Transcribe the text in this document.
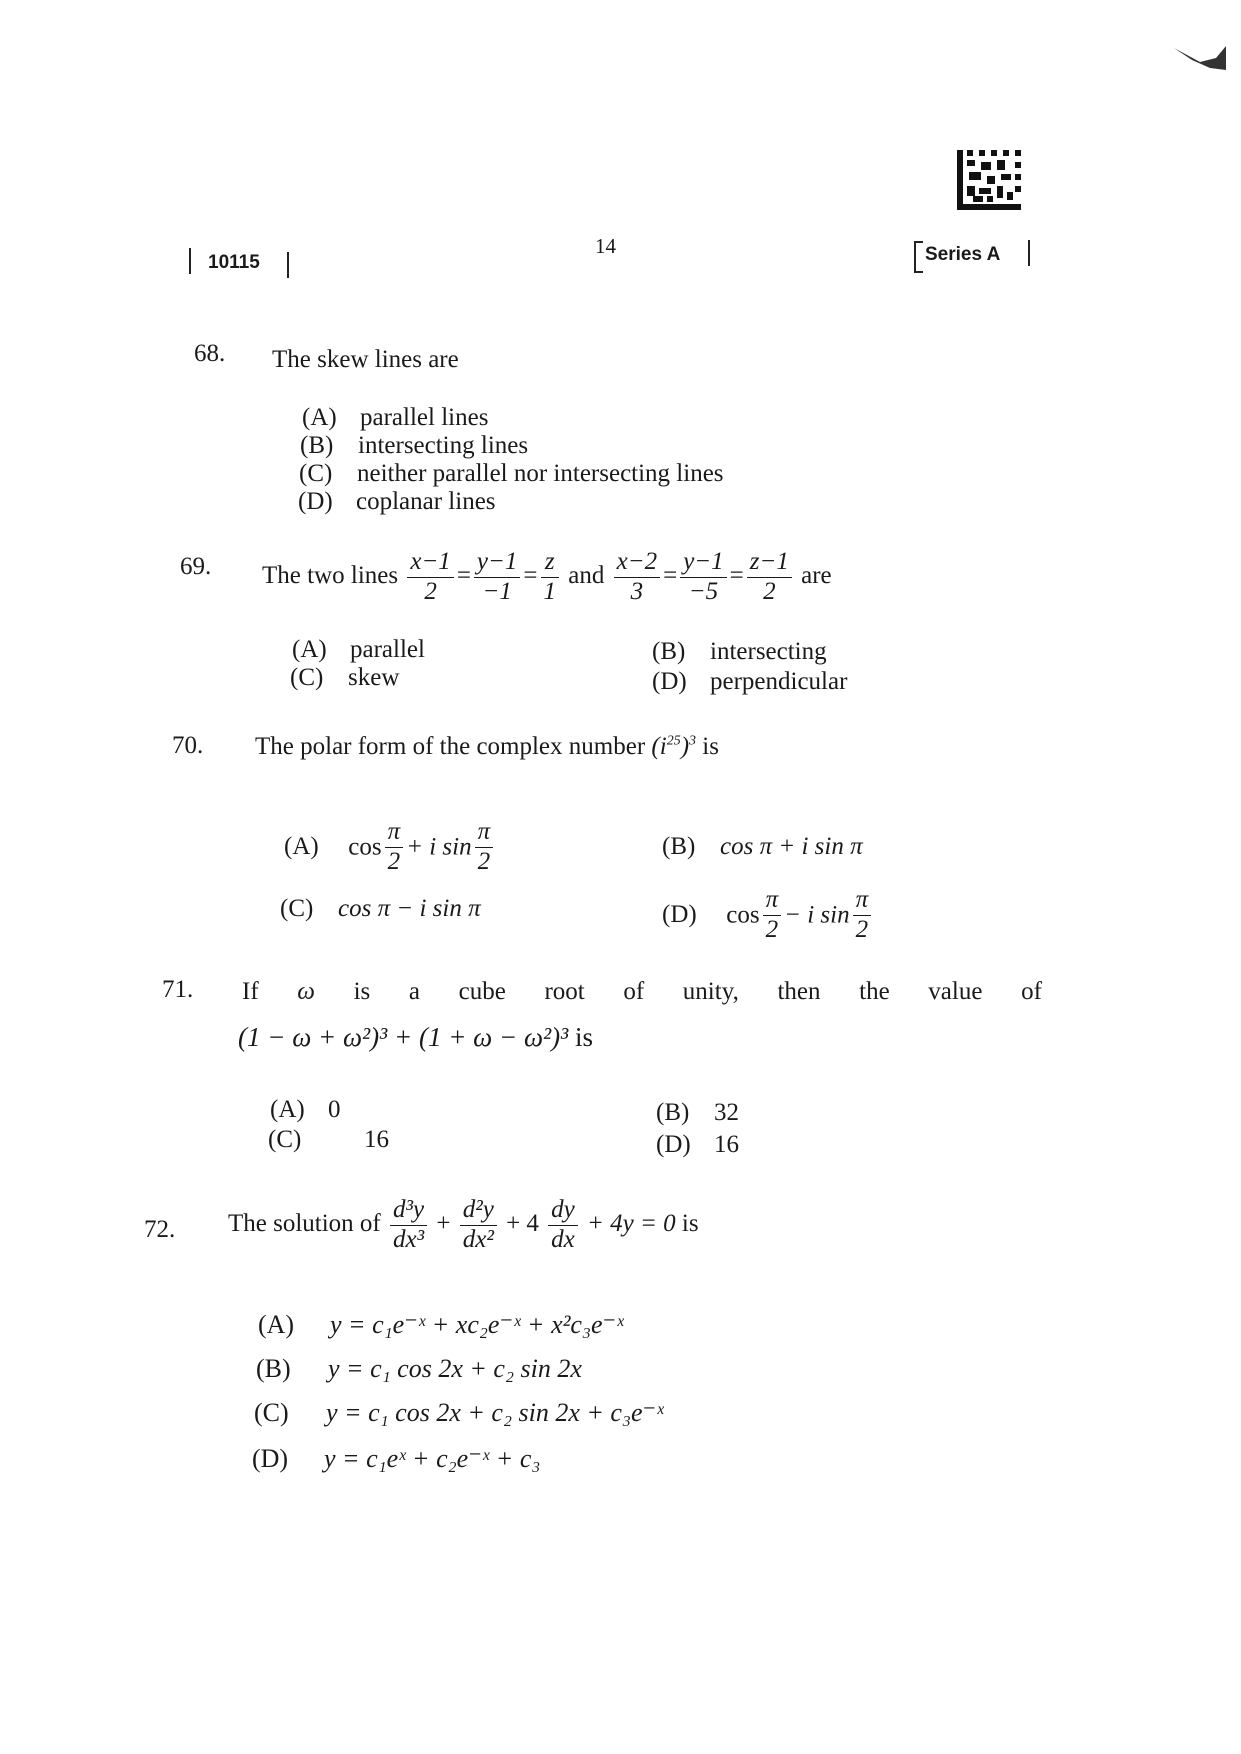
10115
14	Series A
68. The skew lines are
(A) parallel lines
(B) intersecting lines
(C) neither parallel nor intersecting lines
(D) coplanar lines
69. The two lines $\frac{x-1}{2} = \frac{y-1}{-1} = \frac{z}{1}$ and $\frac{x-2}{3} = \frac{y-1}{-5} = \frac{z-1}{2}$ are
(A) parallel	(B) intersecting
(C) skew	(D) perpendicular
70. The polar form of the complex number $(i^{25})^3$ is
(A) $\cos \frac{\pi}{2} + i$ $\sin \frac{\pi}{2}$	(B) cos π + i sin π
(C) cos π − i sin π	(D) $\cos \frac{\pi}{2} - i$ $\sin \frac{\pi}{2}$
71. If ω is a cube root of unity, then the value of
(1 − ω + ω²)³ + (1 + ω − ω²)³ is
(A) 0	(B) 32
(C)	16	(D) 16
72. The solution of $\frac{\text{d³y}}{\text{dx³}} + \frac{\text{d²y}}{\text{dx²}} + 4 \frac{dy}{dx} + 4y = 0$ is
(A) y = c₁e⁻ˣ + xc₂e⁻ˣ + x²c₃e⁻ˣ
(B) y = c₁ cos 2x + c₂ sin 2x
(C) y = c₁ cos 2x + c₂ sin 2x + c₃e⁻ˣ
(D) y = c₁eˣ + c₂e⁻ˣ + c₃
